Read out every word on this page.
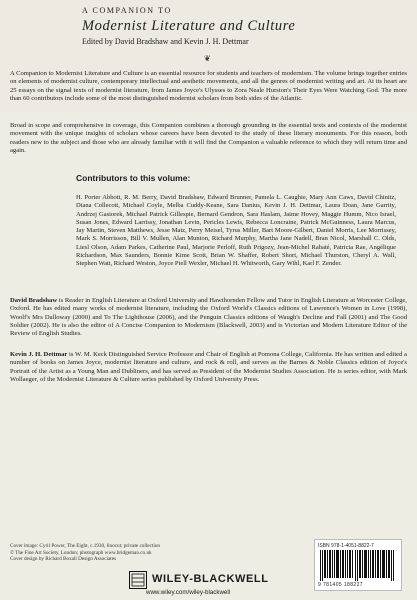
A COMPANION TO
Modernist Literature and Culture
Edited by David Bradshaw and Kevin J. H. Dettmar
❦
A Companion to Modernist Literature and Culture is an essential resource for students and teachers of modernism. The volume brings together entries on elements of modernist culture, contemporary intellectual and aesthetic movements, and all the genres of modernist writing and art. At its heart are 25 essays on the signal texts of modernist literature, from James Joyce's Ulysses to Zora Neale Hurston's Their Eyes Were Watching God. The more than 60 contributors include some of the most distinguished modernist scholars from both sides of the Atlantic.
Broad in scope and comprehensive in coverage, this Companion combines a thorough grounding in the essential texts and contexts of the modernist movement with the unique insights of scholars whose careers have been devoted to the study of these literary monuments. For this reason, both readers new to the subject and those who are already familiar with it will find the Companion a valuable reference to which they will return time and again.
Contributors to this volume:
H. Porter Abbott, R. M. Berry, David Bradshaw, Edward Brunner, Pamela L. Caughie, Mary Ann Caws, David Chinitz, Diana Collecott, Michael Coyle, Melba Cuddy-Keane, Sara Danius, Kevin J. H. Dettmar, Laura Doan, Jane Garrity, Andrzej Gasiorek, Michael Patrick Gillespie, Bernard Gendron, Sara Haslam, Jaime Hovey, Maggie Humm, Nico Israel, Susan Jones, Edward Larrissy, Jonathan Levin, Pericles Lewis, Rebecca Loncraine, Patrick McGuinness, Laura Marcus, Jay Martin, Steven Matthews, Jesse Matz, Perry Meisel, Tyrus Miller, Bart Moore-Gilbert, Daniel Morris, Lee Morrissey, Mark S. Morrisson, Bill V. Mullen, Alan Munton, Richard Murphy, Martha Jane Nadell, Bran Nicol, Marshall C. Olds, Liesl Olson, Adam Parkes, Catherine Paul, Marjorie Perloff, Ruth Prigozy, Jean-Michel Rabaté, Patricia Rae, Angélique Richardson, Max Saunders, Bonnie Kime Scott, Brian W. Shaffer, Robert Short, Michael Thurston, Cheryl A. Wall, Stephen Watt, Richard Weston, Joyce Piell Wexler, Michael H. Whitworth, Gary Wihl, Karl F. Zender.
David Bradshaw is Reader in English Literature at Oxford University and Hawthornden Fellow and Tutor in English Literature at Worcester College, Oxford. He has edited many works of modernist literature, including the Oxford World's Classics editions of Lawrence's Women in Love (1998), Woolf's Mrs Dalloway (2000) and To The Lighthouse (2006), and the Penguin Classics editions of Waugh's Decline and Fall (2001) and The Good Soldier (2002). He is also the editor of A Concise Companion to Modernism (Blackwell, 2003) and is Victorian and Modern Literature Editor of the Review of English Studies.
Kevin J. H. Dettmar is W. M. Keck Distinguished Service Professor and Chair of English at Pomona College, California. He has written and edited a number of books on James Joyce, modernist literature and culture, and rock & roll, and serves as the Barnes & Noble Classics edition of Joyce's Portrait of the Artist as a Young Man and Dubliners, and has served as President of the Modernist Studies Association. He is series editor, with Mark Wollaeger, of the Modernist Literature & Culture series published by Oxford University Press.
Cover image: Cyril Power, The Eight, c.1930, linocut; private collection
© The Fine Art Society, London; photograph www.bridgeman.co.uk
Cover design by Richard Boxall Design Associates
ISBN 978-1-4051-8822-7
9 781405 188227
WILEY-BLACKWELL
www.wiley.com/wiley-blackwell
